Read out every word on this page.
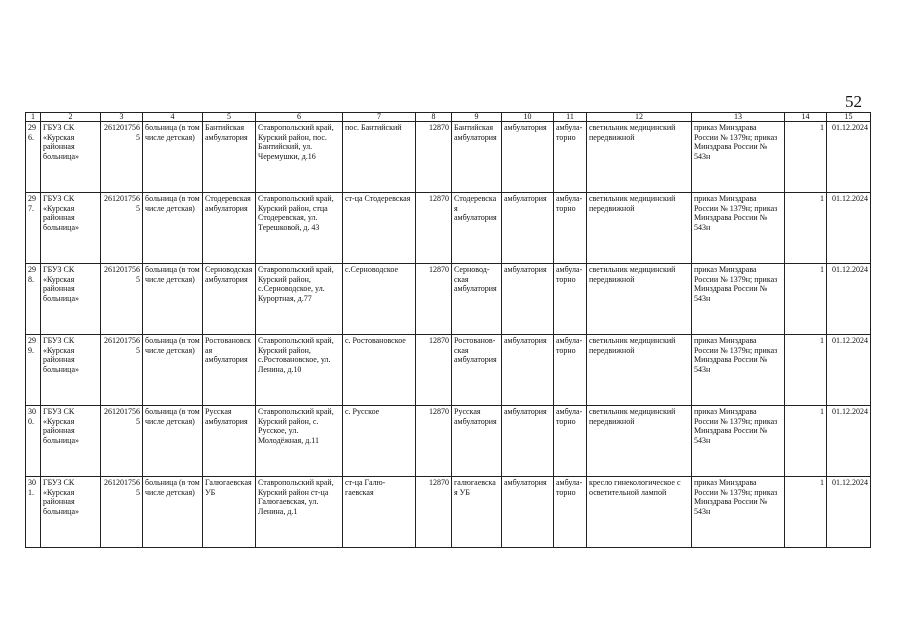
52
1	2	3	4	5	6	7	8	9	10	11	12	13	14	15
296.	ГБУЗ СК «Курская районная больница»	2612017565	больница (в том числе детская)	Бантийская амбулатория	Ставропольский край, Курский район, пос. Бантийский, ул. Черемушки, д.16	пос. Бантийский	12870	Бантийская амбулатория	амбулатория	амбула-торно	светильник медицинский передвижной	приказ Минздрава России № 1379н; приказ Минздрава России № 543н	1	01.12.2024
297.	ГБУЗ СК «Курская районная больница»	2612017565	больница (в том числе детская)	Стодеревская амбулатория	Ставропольский край, Курский район, стца Стодеревская, ул. Терешковой, д. 43	ст-ца Стодеревская	12870	Стодеревская амбулатория	амбулатория	амбула-торно	светильник медицинский передвижной	приказ Минздрава России № 1379н; приказ Минздрава России № 543н	1	01.12.2024
298.	ГБУЗ СК «Курская районная больница»	2612017565	больница (в том числе детская)	Серноводская амбулатория	Ставропольский край, Курский район, с.Серноводское, ул. Курортная, д.77	с.Серноводское	12870	Серновод-ская амбулатория	амбулатория	амбула-торно	светильник медицинский передвижной	приказ Минздрава России № 1379н; приказ Минздрава России № 543н	1	01.12.2024
299.	ГБУЗ СК «Курская районная больница»	2612017565	больница (в том числе детская)	Ростовановская амбулатория	Ставропольский край, Курский район, с.Ростовановское, ул. Ленина, д.10	с. Ростовановское	12870	Ростованов-ская амбулатория	амбулатория	амбула-торно	светильник медицинский передвижной	приказ Минздрава России № 1379н; приказ Минздрава России № 543н	1	01.12.2024
300.	ГБУЗ СК «Курская районная больница»	2612017565	больница (в том числе детская)	Русская амбулатория	Ставропольский край, Курский район, с. Русское, ул. Молодёжная, д.11	с. Русское	12870	Русская амбулатория	амбулатория	амбула-торно	светильник медицинский передвижной	приказ Минздрава России № 1379н; приказ Минздрава России № 543н	1	01.12.2024
301.	ГБУЗ СК «Курская районная больница»	2612017565	больница (в том числе детская)	Галюгаевская УБ	Ставропольский край, Курский район ст-ца Галюгаевская, ул. Ленина, д.1	ст-ца Галю-гаевская	12870	галюгаевская УБ	амбулатория	амбула-торно	кресло гинекологическое с осветительной лампой	приказ Минздрава России № 1379н; приказ Минздрава России № 543н	1	01.12.2024
